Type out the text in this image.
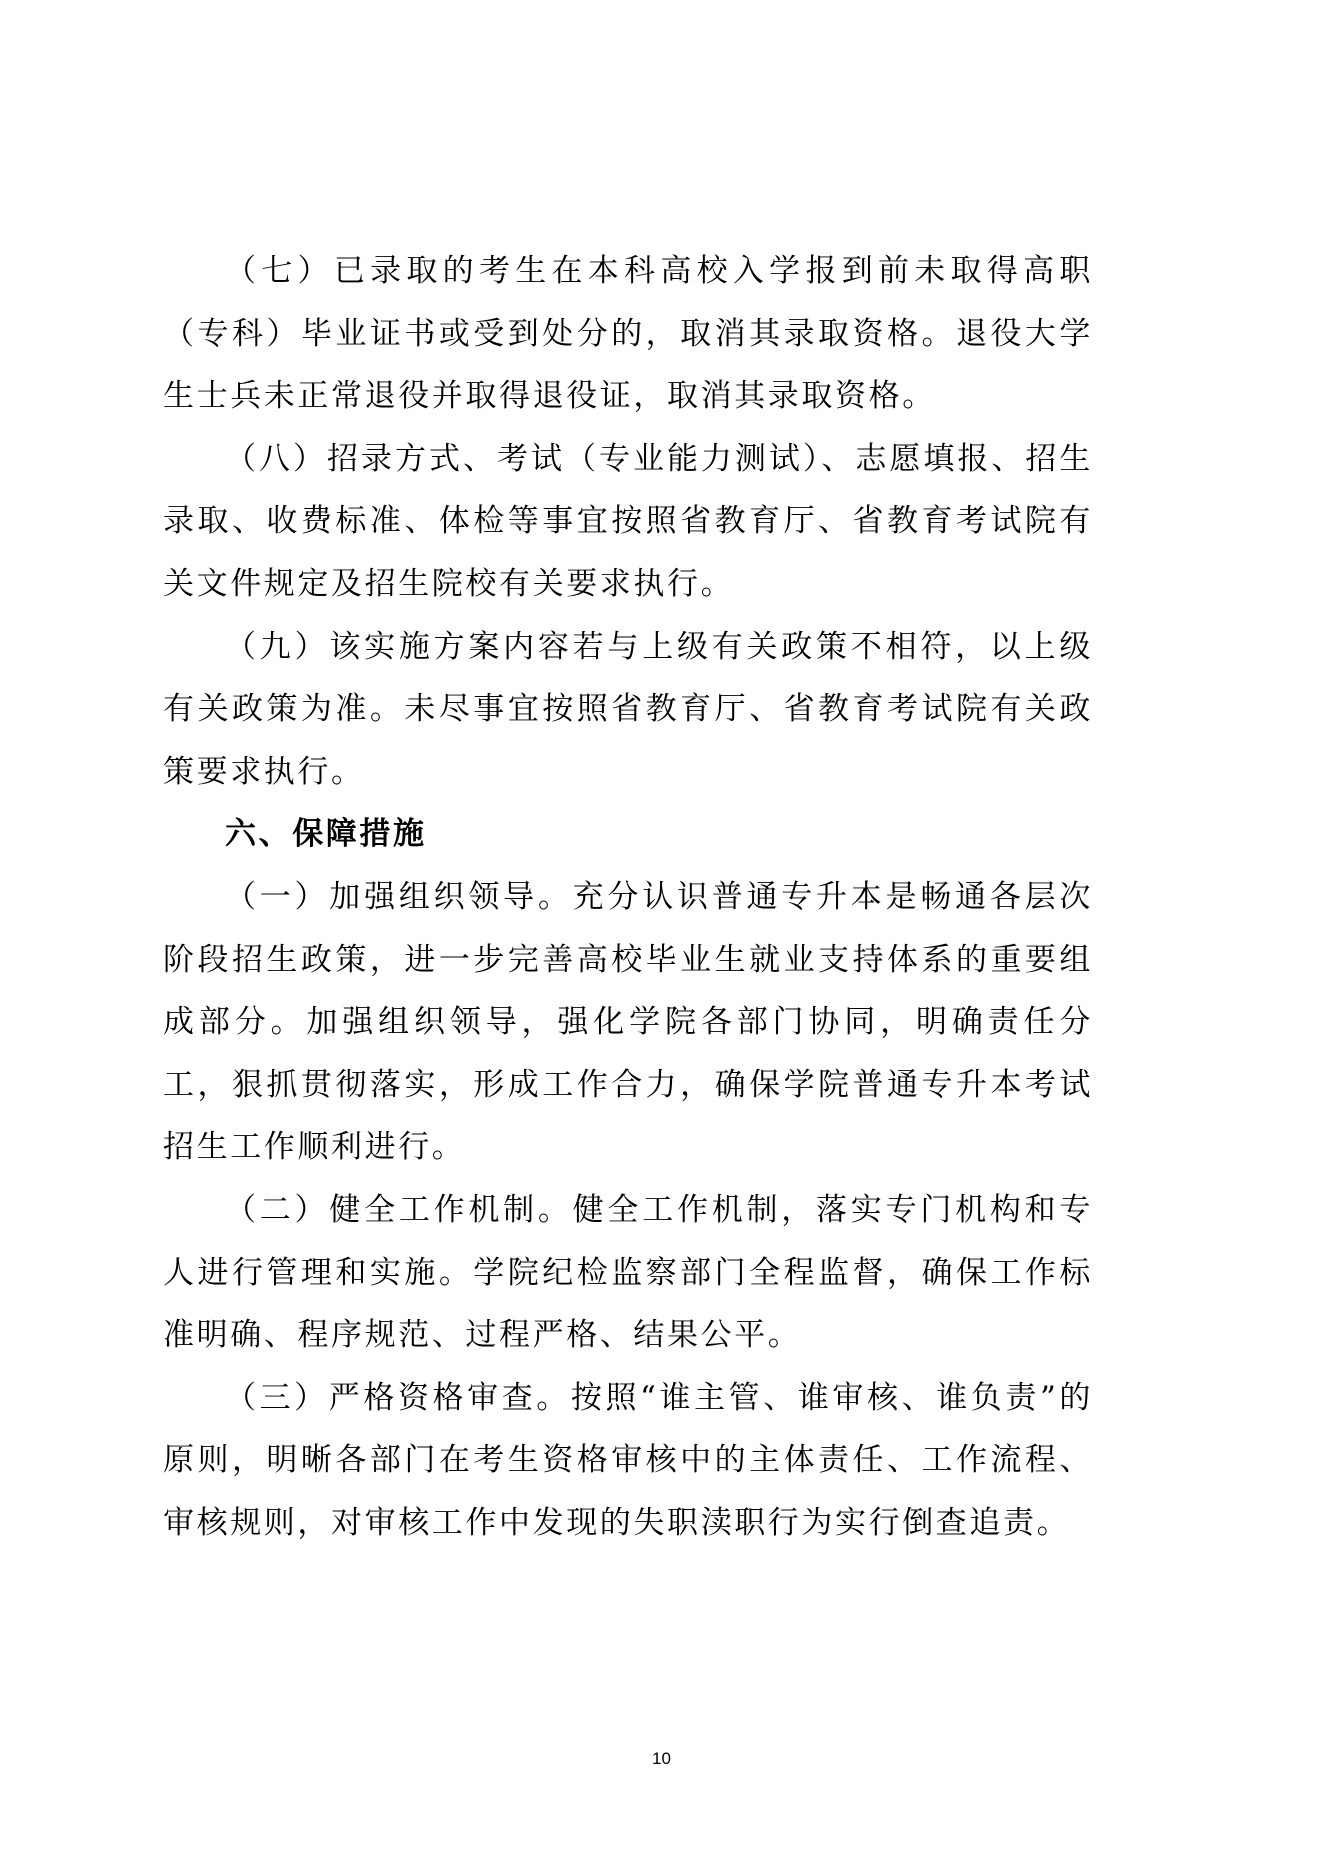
（七）已录取的考生在本科高校入学报到前未取得高职（专科）毕业证书或受到处分的，取消其录取资格。退役大学生士兵未正常退役并取得退役证，取消其录取资格。

（八）招录方式、考试（专业能力测试）、志愿填报、招生录取、收费标准、体检等事宜按照省教育厅、省教育考试院有关文件规定及招生院校有关要求执行。

（九）该实施方案内容若与上级有关政策不相符，以上级有关政策为准。未尽事宜按照省教育厅、省教育考试院有关政策要求执行。

六、保障措施

（一）加强组织领导。充分认识普通专升本是畅通各层次阶段招生政策，进一步完善高校毕业生就业支持体系的重要组成部分。加强组织领导，强化学院各部门协同，明确责任分工，狠抓贯彻落实，形成工作合力，确保学院普通专升本考试招生工作顺利进行。

（二）健全工作机制。健全工作机制，落实专门机构和专人进行管理和实施。学院纪检监察部门全程监督，确保工作标准明确、程序规范、过程严格、结果公平。

（三）严格资格审查。按照“谁主管、谁审核、谁负责”的原则，明晰各部门在考生资格审核中的主体责任、工作流程、审核规则，对审核工作中发现的失职渎职行为实行倒查追责。

10
